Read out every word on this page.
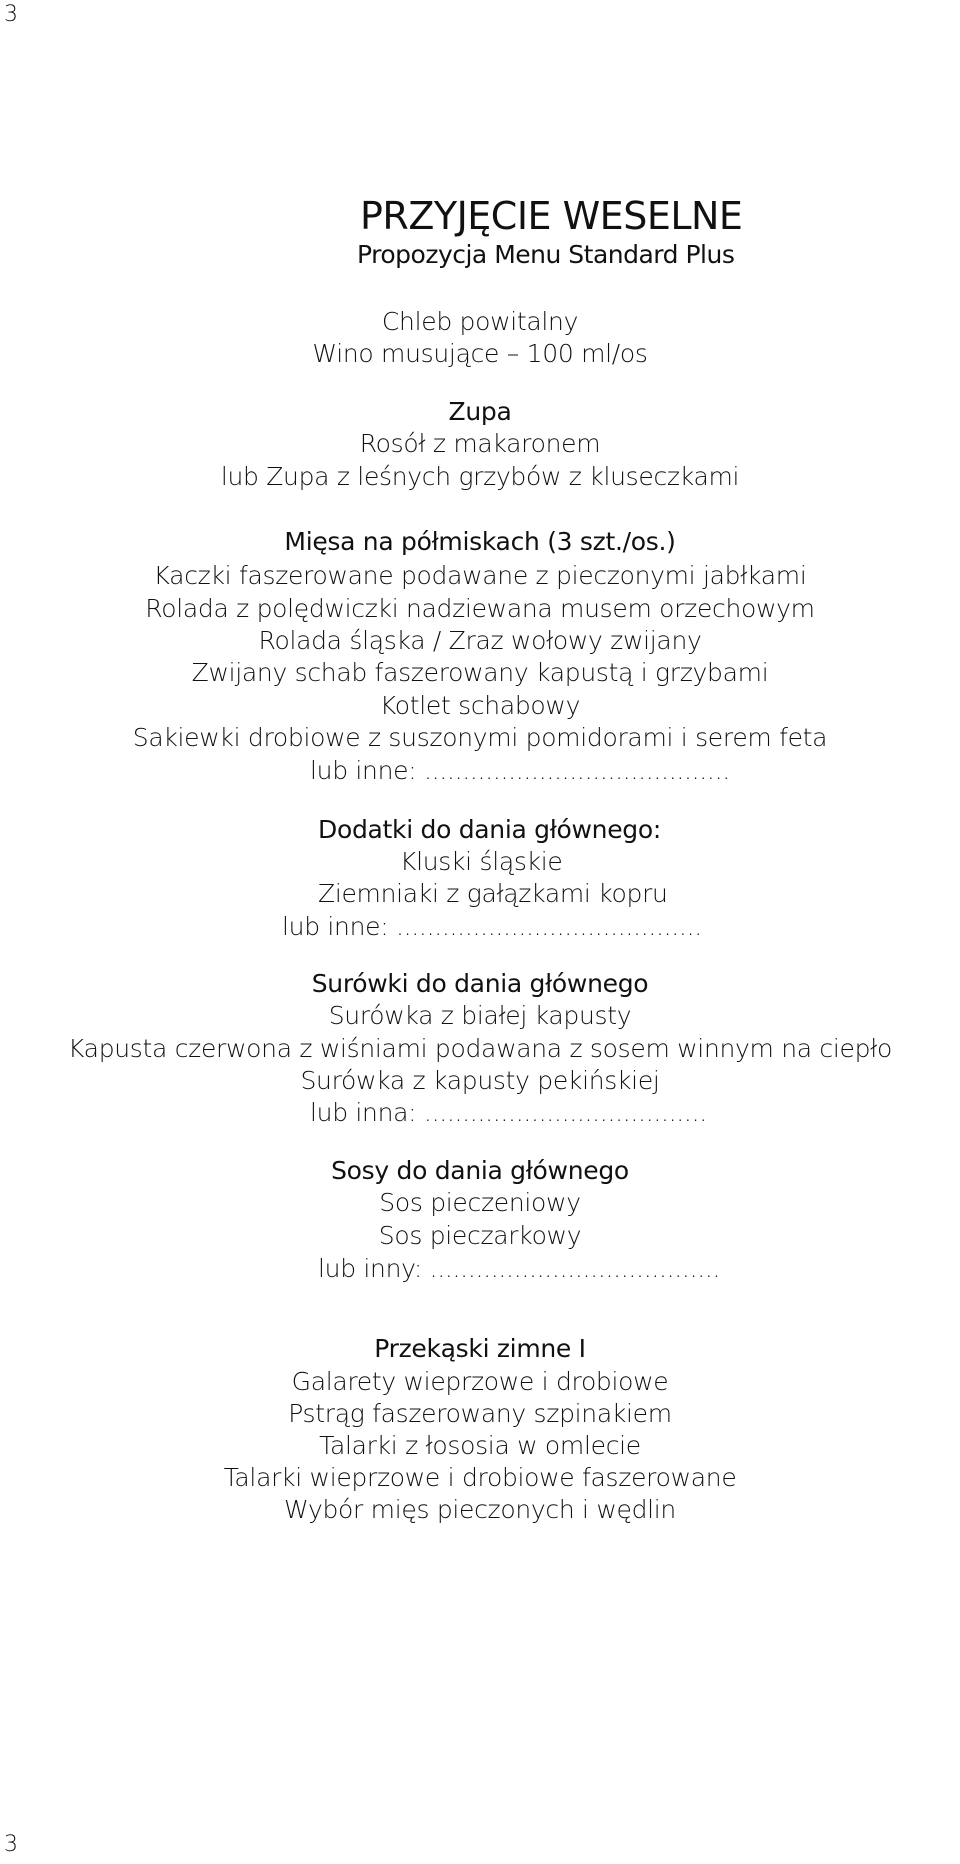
3
PRZYJĘCIE WESELNE
Propozycja Menu Standard Plus
Chleb powitalny
Wino musujące – 100 ml/os
Zupa
Rosół z makaronem
lub Zupa z leśnych grzybów z kluseczkami
Mięsa na półmiskach (3 szt./os.)
Kaczki faszerowane podawane z pieczonymi jabłkami
Rolada z polędwiczki nadziewana musem orzechowym
Rolada śląska / Zraz wołowy zwijany
Zwijany schab faszerowany kapustą i grzybami
Kotlet schabowy
Sakiewki drobiowe z suszonymi pomidorami i serem feta
lub inne: ........................................
Dodatki do dania głównego:
Kluski śląskie
Ziemniaki z gałązkami kopru
lub inne: ........................................
Surówki do dania głównego
Surówka z białej kapusty
Kapusta czerwona z wiśniami podawana z sosem winnym na ciepło
Surówka z kapusty pekińskiej
lub inna: .....................................
Sosy do dania głównego
Sos pieczeniowy
Sos pieczarkowy
lub inny: ......................................
Przekąski zimne I
Galarety wieprzowe i drobiowe
Pstrąg faszerowany szpinakiem
Talarki z łososia w omlecie
Talarki wieprzowe i drobiowe faszerowane
Wybór mięs pieczonych i wędlin
3
